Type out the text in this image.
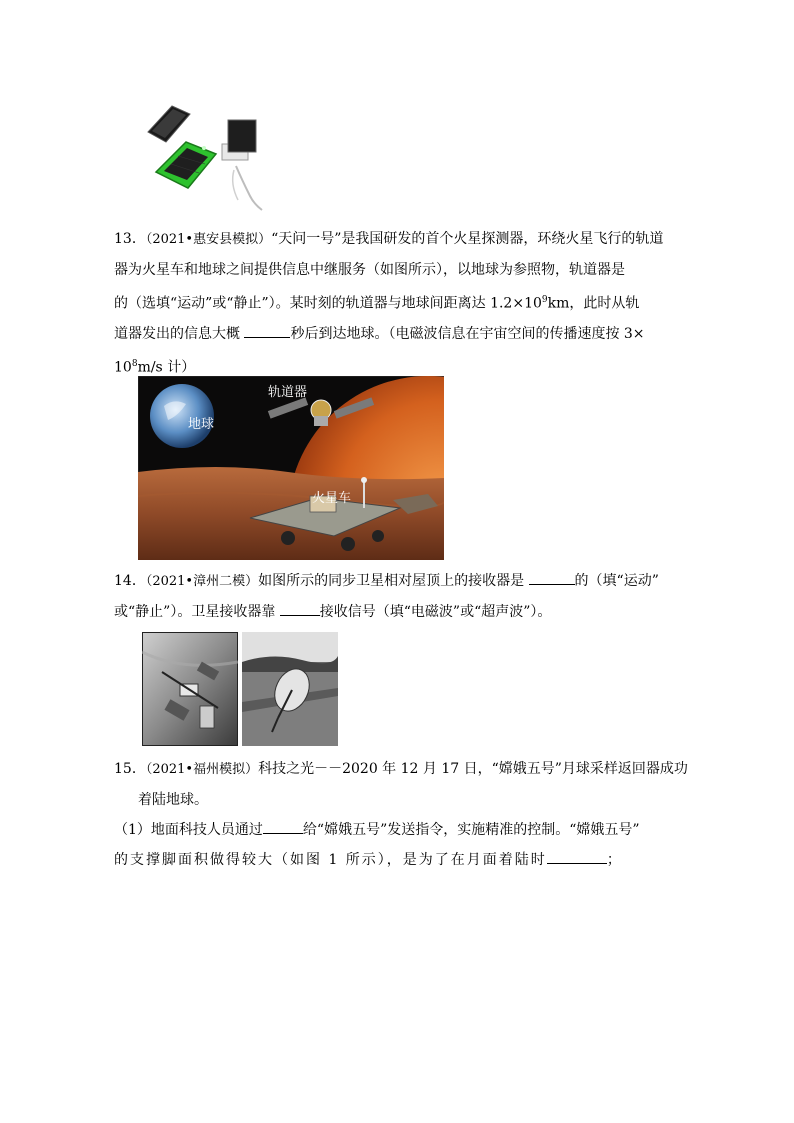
13．（2021•惠安县模拟）“天问一号”是我国研发的首个火星探测器，环绕火星飞行的轨道
器为火星车和地球之间提供信息中继服务（如图所示），以地球为参照物，轨道器是
的（选填“运动”或“静止”）。某时刻的轨道器与地球间距离达 $1.2\times 10^9km$，此时从轨
道器发出的信息大概	秒后到达地球。（电磁波信息在宇宙空间的传播速度按 3×
$10^8m/s$ 计）
轨道器
地球
火星车
14．（2021•漳州二模）如图所示的同步卫星相对屋顶上的接收器是	的（填“运动”
或“静止”）。卫星接收器靠	接收信号（填“电磁波”或“超声波”）。
15．（2021•福州模拟）科技之光－－2020 年 12 月 17 日，“嫦娥五号”月球采样返回器成功
着陆地球。
（1）地面科技人员通过	给“嫦娥五号”发送指令，实施精准的控制。“嫦娥五号”
的支撑脚面积做得较大（如图 1 所示），是为了在月面着陆时	；
